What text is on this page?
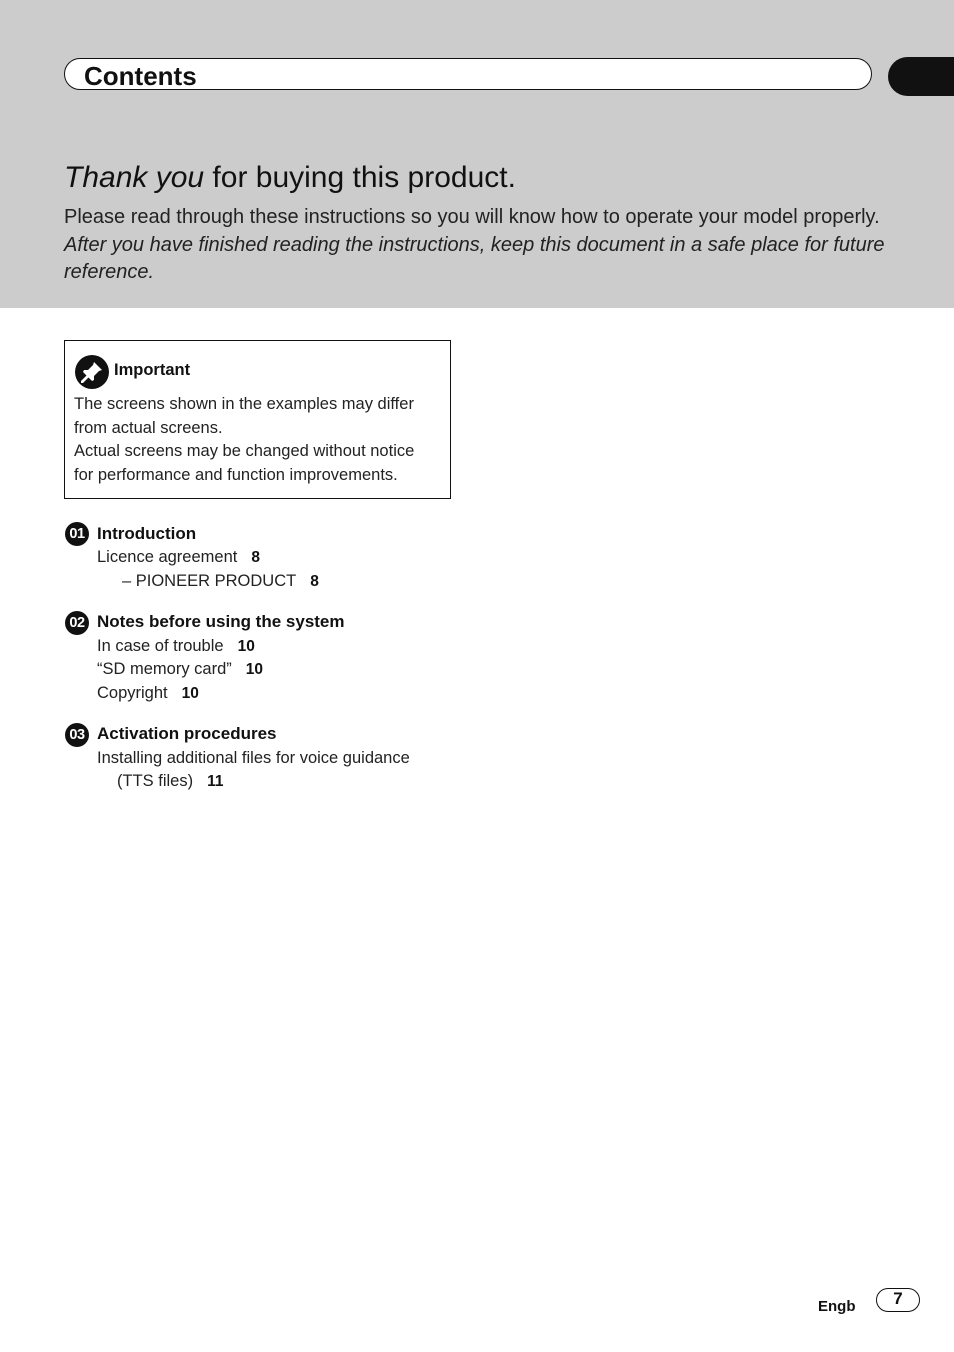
Contents
Thank you for buying this product.
Please read through these instructions so you will know how to operate your model properly. After you have finished reading the instructions, keep this document in a safe place for future reference.
Important
The screens shown in the examples may differ
from actual screens.
Actual screens may be changed without notice
for performance and function improvements.
01 Introduction
Licence agreement 8
– PIONEER PRODUCT 8
02 Notes before using the system
In case of trouble 10
“SD memory card” 10
Copyright 10
03 Activation procedures
Installing additional files for voice guidance
(TTS files) 11
Engb	7
